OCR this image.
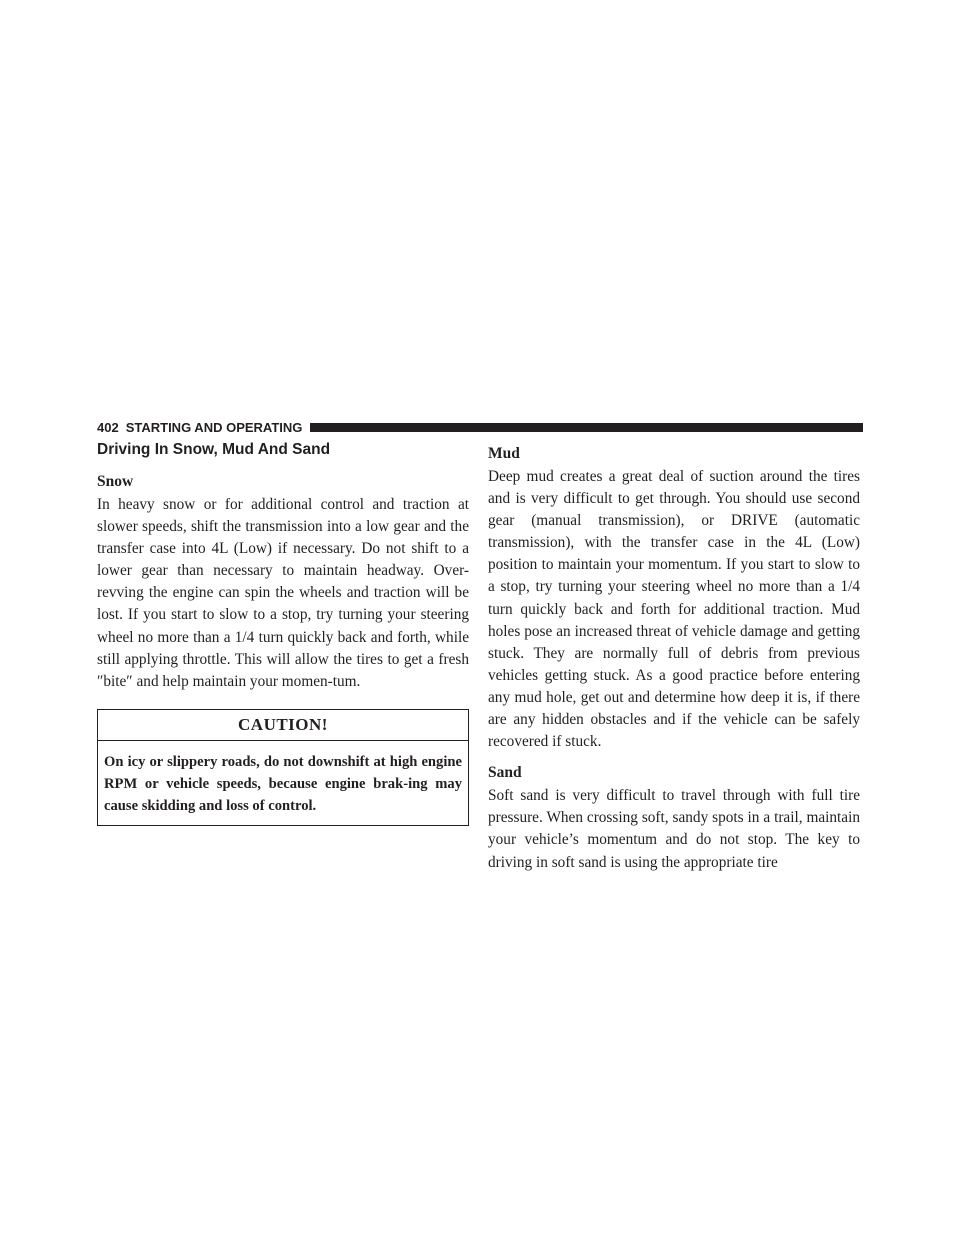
402 STARTING AND OPERATING
Driving In Snow, Mud And Sand
Snow

In heavy snow or for additional control and traction at slower speeds, shift the transmission into a low gear and the transfer case into 4L (Low) if necessary. Do not shift to a lower gear than necessary to maintain headway. Over-revving the engine can spin the wheels and traction will be lost. If you start to slow to a stop, try turning your steering wheel no more than a 1/4 turn quickly back and forth, while still applying throttle. This will allow the tires to get a fresh ″bite″ and help maintain your momen-tum.

CAUTION!
On icy or slippery roads, do not downshift at high engine RPM or vehicle speeds, because engine brak-ing may cause skidding and loss of control.
Mud

Deep mud creates a great deal of suction around the tires and is very difficult to get through. You should use second gear (manual transmission), or DRIVE (automatic transmission), with the transfer case in the 4L (Low) position to maintain your momentum. If you start to slow to a stop, try turning your steering wheel no more than a 1/4 turn quickly back and forth for additional traction. Mud holes pose an increased threat of vehicle damage and getting stuck. They are normally full of debris from previous vehicles getting stuck. As a good practice before entering any mud hole, get out and determine how deep it is, if there are any hidden obstacles and if the vehicle can be safely recovered if stuck.

Sand

Soft sand is very difficult to travel through with full tire pressure. When crossing soft, sandy spots in a trail, maintain your vehicle’s momentum and do not stop. The key to driving in soft sand is using the appropriate tire
